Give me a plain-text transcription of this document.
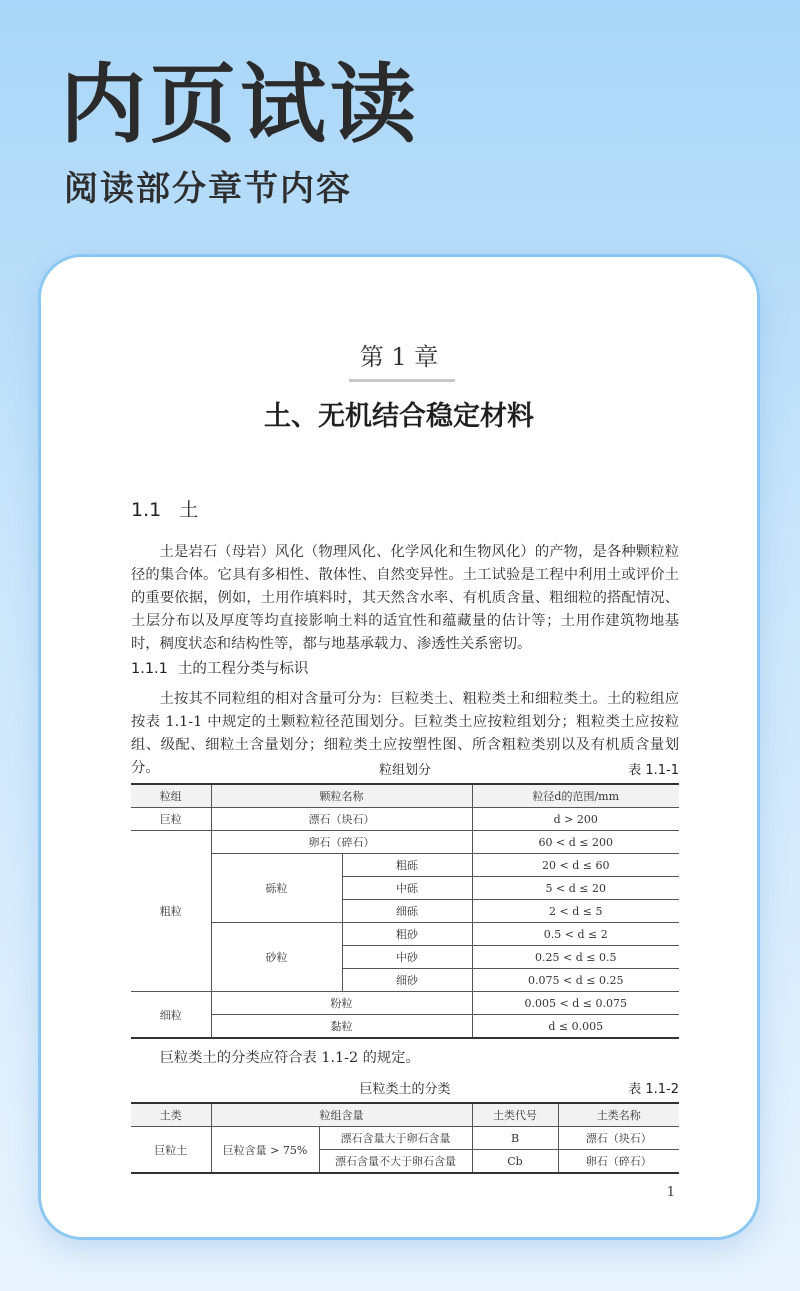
内页试读
阅读部分章节内容
第 1 章
土、无机结合稳定材料
1.1 土

土是岩石（母岩）风化（物理风化、化学风化和生物风化）的产物，是各种颗粒粒径的集合体。它具有多相性、散体性、自然变异性。土工试验是工程中利用土或评价土的重要依据，例如，土用作填料时，其天然含水率、有机质含量、粗细粒的搭配情况、土层分布以及厚度等均直接影响土料的适宜性和蕴藏量的估计等；土用作建筑物地基时，稠度状态和结构性等，都与地基承载力、渗透性关系密切。

1.1.1 土的工程分类与标识

土按其不同粒组的相对含量可分为：巨粒类土、粗粒类土和细粒类土。土的粒组应按表 1.1-1 中规定的土颗粒粒径范围划分。巨粒类土应按粒组划分；粗粒类土应按粒组、级配、细粒土含量划分；细粒类土应按塑性图、所含粗粒类别以及有机质含量划分。	粒组划分	表 1.1-1
粒组	颗粒名称		粒径d的范围/mm
巨粒	漂石（块石）		d > 200
粗粒	卵石（碎石）		60 < d ≤ 200
	砾粒	粗砾	20 < d ≤ 60
		中砾	5 < d ≤ 20
		细砾	2 < d ≤ 5
	砂粒	粗砂	0.5 < d ≤ 2
		中砂	0.25 < d ≤ 0.5
		细砂	0.075 < d ≤ 0.25
细粒	粉粒		0.005 < d ≤ 0.075
	黏粒		d ≤ 0.005

巨粒类土的分类应符合表 1.1-2 的规定。

巨粒类土的分类	表 1.1-2
土类	粒组含量		土类代号	土类名称
巨粒土	巨粒含量 > 75%	漂石含量大于卵石含量	B	漂石（块石）
		漂石含量不大于卵石含量	Cb	卵石（碎石）
1
